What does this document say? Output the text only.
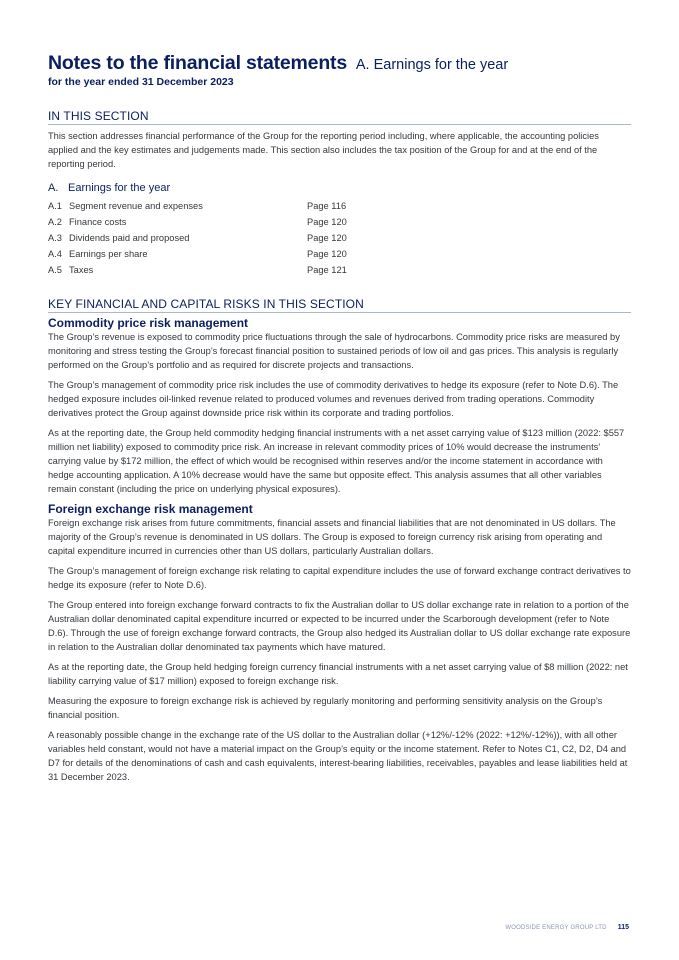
Notes to the financial statements A. Earnings for the year
for the year ended 31 December 2023
IN THIS SECTION

This section addresses financial performance of the Group for the reporting period including, where applicable, the accounting policies applied and the key estimates and judgements made. This section also includes the tax position of the Group for and at the end of the reporting period.

A. Earnings for the year
A.1 Segment revenue and expenses	Page 116
A.2 Finance costs	Page 120
A.3 Dividends paid and proposed	Page 120
A.4 Earnings per share	Page 120
A.5 Taxes	Page 121
KEY FINANCIAL AND CAPITAL RISKS IN THIS SECTION
Commodity price risk management

The Group’s revenue is exposed to commodity price fluctuations through the sale of hydrocarbons. Commodity price risks are measured by monitoring and stress testing the Group’s forecast financial position to sustained periods of low oil and gas prices. This analysis is regularly performed on the Group’s portfolio and as required for discrete projects and transactions.

The Group’s management of commodity price risk includes the use of commodity derivatives to hedge its exposure (refer to Note D.6). The hedged exposure includes oil-linked revenue related to produced volumes and revenues derived from trading operations. Commodity derivatives protect the Group against downside price risk within its corporate and trading portfolios.

As at the reporting date, the Group held commodity hedging financial instruments with a net asset carrying value of $123 million (2022: $557 million net liability) exposed to commodity price risk. An increase in relevant commodity prices of 10% would decrease the instruments’ carrying value by $172 million, the effect of which would be recognised within reserves and/or the income statement in accordance with hedge accounting application. A 10% decrease would have the same but opposite effect. This analysis assumes that all other variables remain constant (including the price on underlying physical exposures).

Foreign exchange risk management

Foreign exchange risk arises from future commitments, financial assets and financial liabilities that are not denominated in US dollars. The majority of the Group’s revenue is denominated in US dollars. The Group is exposed to foreign currency risk arising from operating and capital expenditure incurred in currencies other than US dollars, particularly Australian dollars.

The Group’s management of foreign exchange risk relating to capital expenditure includes the use of forward exchange contract derivatives to hedge its exposure (refer to Note D.6).

The Group entered into foreign exchange forward contracts to fix the Australian dollar to US dollar exchange rate in relation to a portion of the Australian dollar denominated capital expenditure incurred or expected to be incurred under the Scarborough development (refer to Note D.6). Through the use of foreign exchange forward contracts, the Group also hedged its Australian dollar to US dollar exchange rate exposure in relation to the Australian dollar denominated tax payments which have matured.

As at the reporting date, the Group held hedging foreign currency financial instruments with a net asset carrying value of $8 million (2022: net liability carrying value of $17 million) exposed to foreign exchange risk.

Measuring the exposure to foreign exchange risk is achieved by regularly monitoring and performing sensitivity analysis on the Group’s financial position.

A reasonably possible change in the exchange rate of the US dollar to the Australian dollar (+12%/-12% (2022: +12%/-12%)), with all other variables held constant, would not have a material impact on the Group’s equity or the income statement. Refer to Notes C1, C2, D2, D4 and D7 for details of the denominations of cash and cash equivalents, interest-bearing liabilities, receivables, payables and lease liabilities held at 31 December 2023.

WOODSIDE ENERGY GROUP LTD 115
